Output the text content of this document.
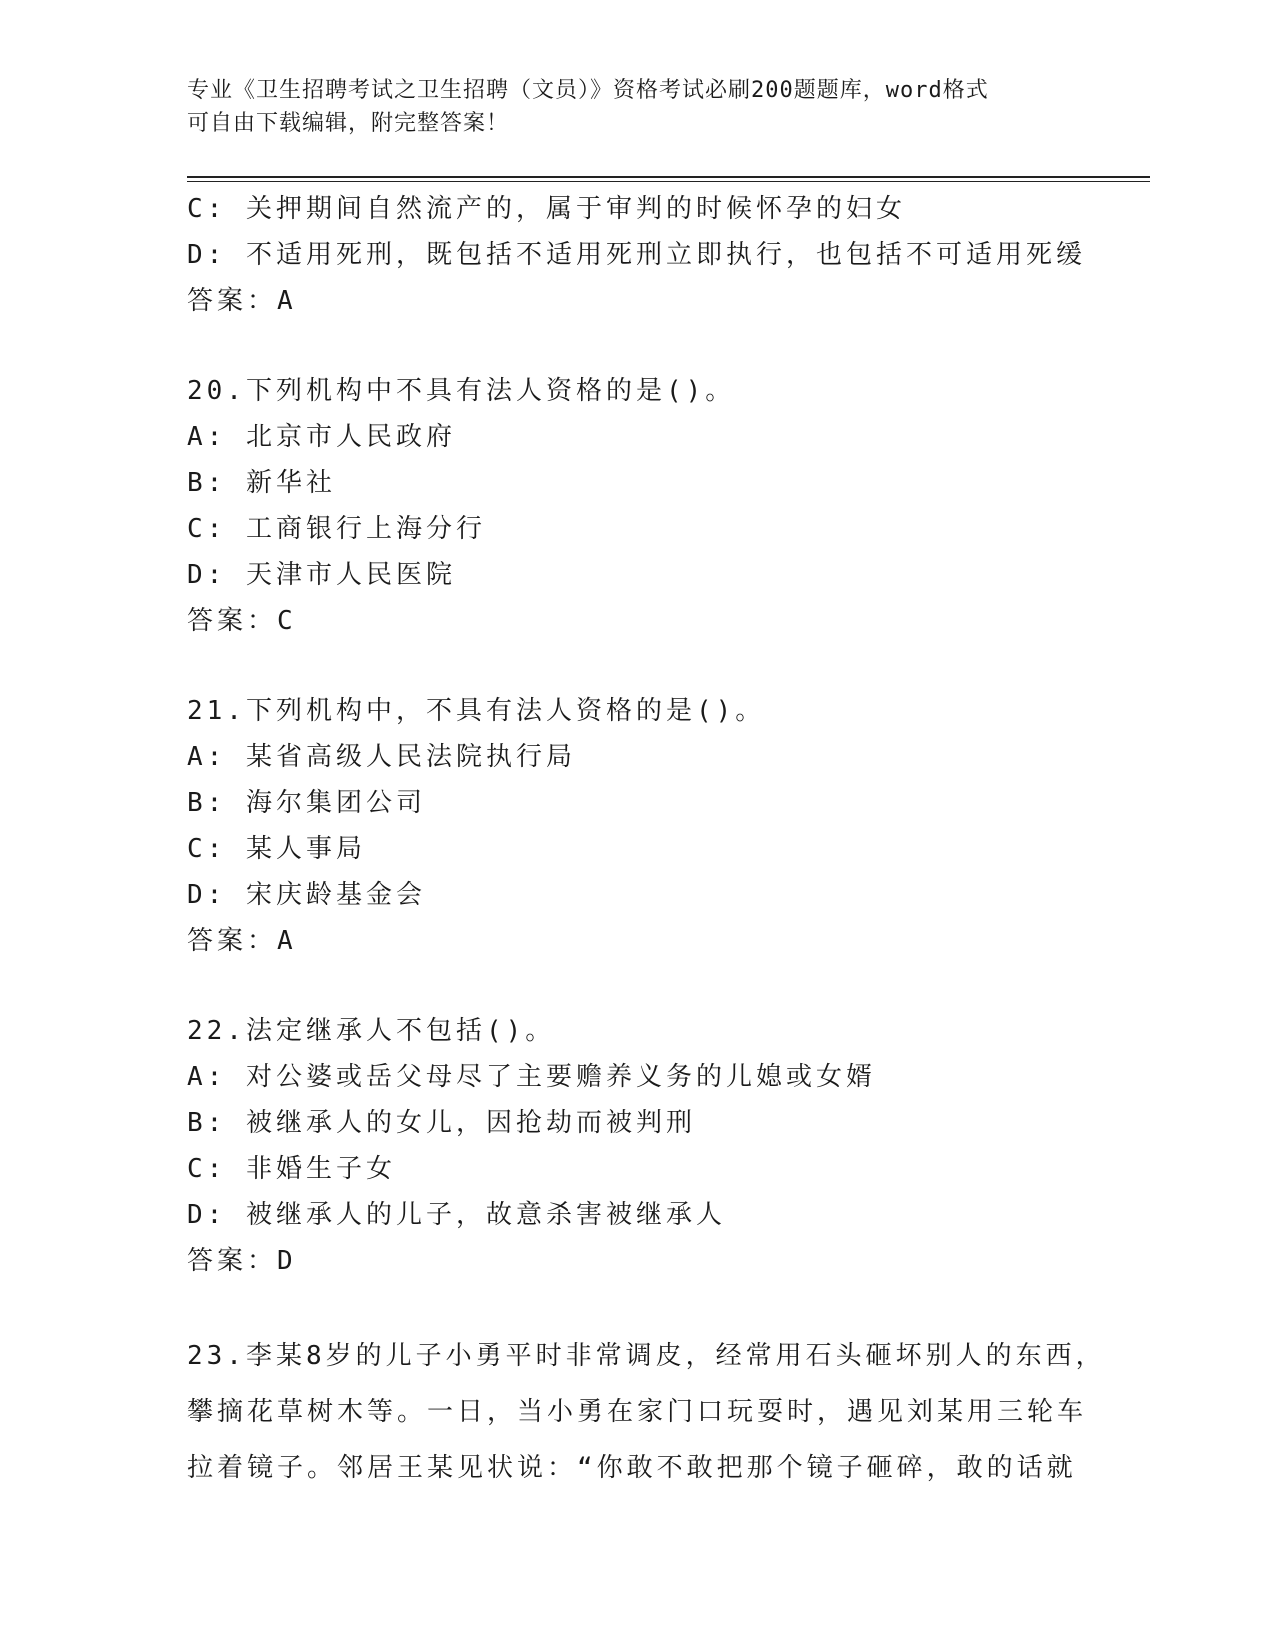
专业《卫生招聘考试之卫生招聘（文员）》资格考试必刷200题题库，word格式
可自由下载编辑，附完整答案！
C: 关押期间自然流产的，属于审判的时候怀孕的妇女
D: 不适用死刑，既包括不适用死刑立即执行，也包括不可适用死缓
答案：A
20.下列机构中不具有法人资格的是()。
A: 北京市人民政府
B: 新华社
C: 工商银行上海分行
D: 天津市人民医院
答案：C
21.下列机构中，不具有法人资格的是()。
A: 某省高级人民法院执行局
B: 海尔集团公司
C: 某人事局
D: 宋庆龄基金会
答案：A
22.法定继承人不包括()。
A: 对公婆或岳父母尽了主要赡养义务的儿媳或女婿
B: 被继承人的女儿，因抢劫而被判刑
C: 非婚生子女
D: 被继承人的儿子，故意杀害被继承人
答案：D
23.李某8岁的儿子小勇平时非常调皮，经常用石头砸坏别人的东西，
攀摘花草树木等。一日，当小勇在家门口玩耍时，遇见刘某用三轮车
拉着镜子。邻居王某见状说：“你敢不敢把那个镜子砸碎，敢的话就
